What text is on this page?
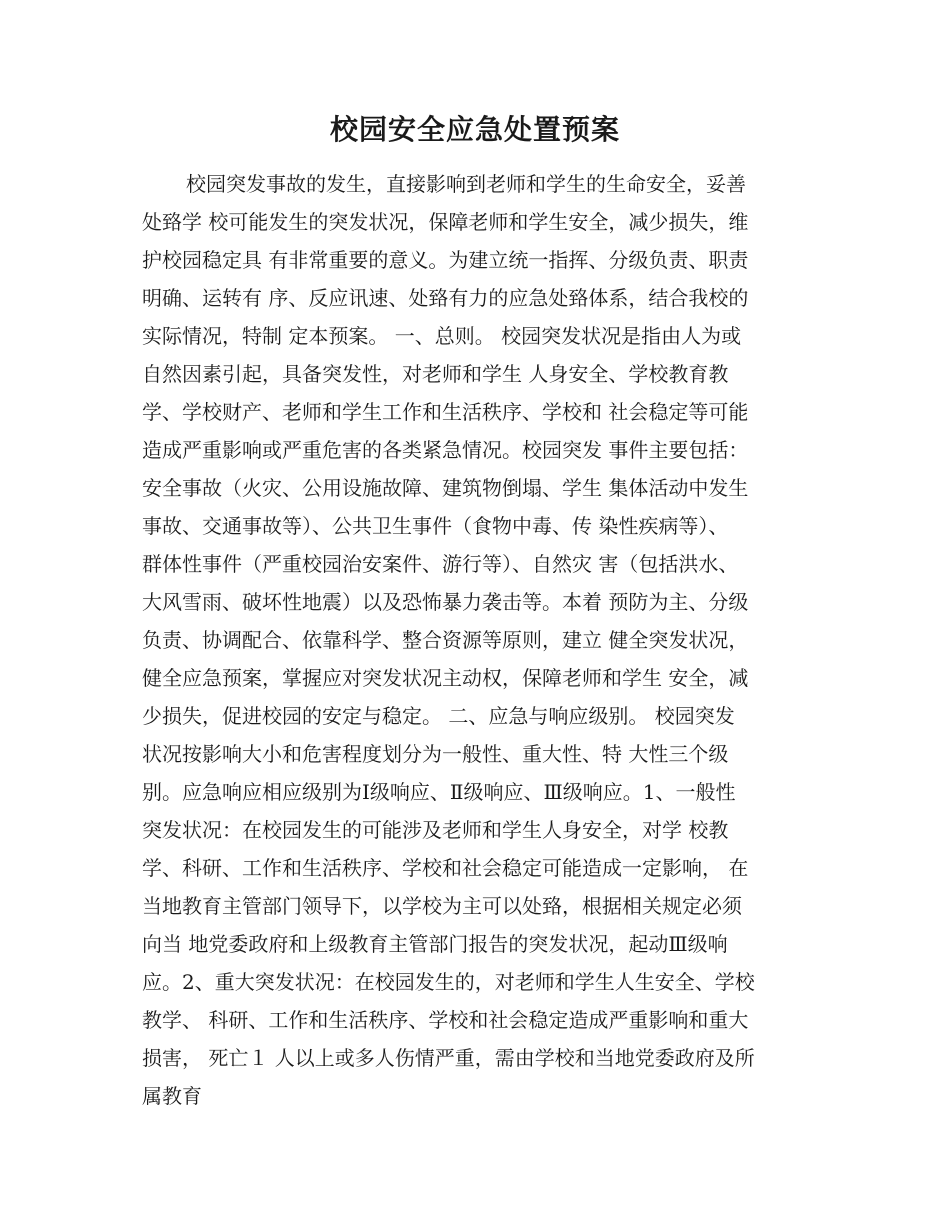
校园安全应急处置预案
校园突发事故的发生，直接影响到老师和学生的生命安全，妥善
处臵学 校可能发生的突发状况，保障老师和学生安全，减少损失，维
护校园稳定具 有非常重要的意义。为建立统一指挥、分级负责、职责
明确、运转有 序、反应讯速、处臵有力的应急处臵体系，结合我校的
实际情况，特制 定本预案。 一、总则。 校园突发状况是指由人为或
自然因素引起，具备突发性，对老师和学生 人身安全、学校教育教
学、学校财产、老师和学生工作和生活秩序、学校和 社会稳定等可能
造成严重影响或严重危害的各类紧急情况。校园突发 事件主要包括：
安全事故（火灾、公用设施故障、建筑物倒塌、学生 集体活动中发生
事故、交通事故等）、公共卫生事件（食物中毒、传 染性疾病等）、
群体性事件（严重校园治安案件、游行等）、自然灾 害（包括洪水、
大风雪雨、破坏性地震）以及恐怖暴力袭击等。本着 预防为主、分级
负责、协调配合、依靠科学、整合资源等原则，建立 健全突发状况，
健全应急预案，掌握应对突发状况主动权，保障老师和学生 安全，减
少损失，促进校园的安定与稳定。 二、应急与响应级别。 校园突发
状况按影响大小和危害程度划分为一般性、重大性、特 大性三个级
别。应急响应相应级别为Ⅰ级响应、Ⅱ级响应、Ⅲ级响应。1、一般性
突发状况：在校园发生的可能涉及老师和学生人身安全，对学 校教
学、科研、工作和生活秩序、学校和社会稳定可能造成一定影响， 在
当地教育主管部门领导下，以学校为主可以处臵，根据相关规定必须
向当 地党委政府和上级教育主管部门报告的突发状况，起动Ⅲ级响
应。2、重大突发状况：在校园发生的，对老师和学生人生安全、学校
教学、 科研、工作和生活秩序、学校和社会稳定造成严重影响和重大
损害， 死亡１ 人以上或多人伤情严重，需由学校和当地党委政府及所
属教育
